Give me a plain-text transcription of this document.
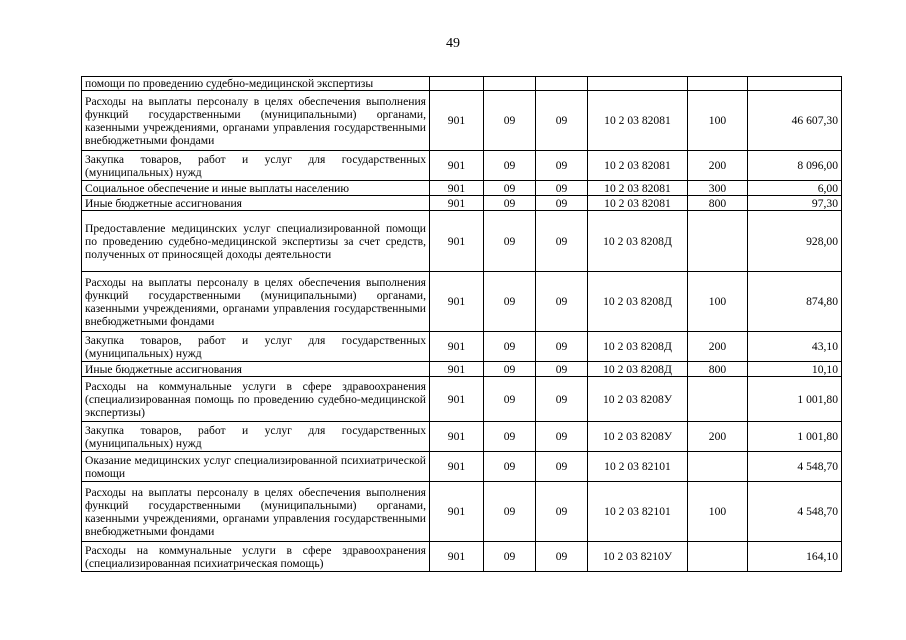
49
помощи по проведению судебно-медицинской экспертизы						
Расходы на выплаты персоналу в целях обеспечения выполнения функций государственными (муниципальными) органами, казенными учреждениями, органами управления государственными внебюджетными фондами	901	09	09	10 2 03 82081	100	46 607,30
Закупка товаров, работ и услуг для государственных (муниципальных) нужд	901	09	09	10 2 03 82081	200	8 096,00
Социальное обеспечение и иные выплаты населению	901	09	09	10 2 03 82081	300	6,00
Иные бюджетные ассигнования	901	09	09	10 2 03 82081	800	97,30
Предоставление медицинских услуг специализированной помощи по проведению судебно-медицинской экспертизы за счет средств, полученных от приносящей доходы деятельности	901	09	09	10 2 03 8208Д		928,00
Расходы на выплаты персоналу в целях обеспечения выполнения функций государственными (муниципальными) органами, казенными учреждениями, органами управления государственными внебюджетными фондами	901	09	09	10 2 03 8208Д	100	874,80
Закупка товаров, работ и услуг для государственных (муниципальных) нужд	901	09	09	10 2 03 8208Д	200	43,10
Иные бюджетные ассигнования	901	09	09	10 2 03 8208Д	800	10,10
Расходы на коммунальные услуги в сфере здравоохранения (специализированная помощь по проведению судебно-медицинской экспертизы)	901	09	09	10 2 03 8208У		1 001,80
Закупка товаров, работ и услуг для государственных (муниципальных) нужд	901	09	09	10 2 03 8208У	200	1 001,80
Оказание медицинских услуг специализированной психиатрической помощи	901	09	09	10 2 03 82101		4 548,70
Расходы на выплаты персоналу в целях обеспечения выполнения функций государственными (муниципальными) органами, казенными учреждениями, органами управления государственными внебюджетными фондами	901	09	09	10 2 03 82101	100	4 548,70
Расходы на коммунальные услуги в сфере здравоохранения (специализированная психиатрическая помощь)	901	09	09	10 2 03 8210У		164,10
